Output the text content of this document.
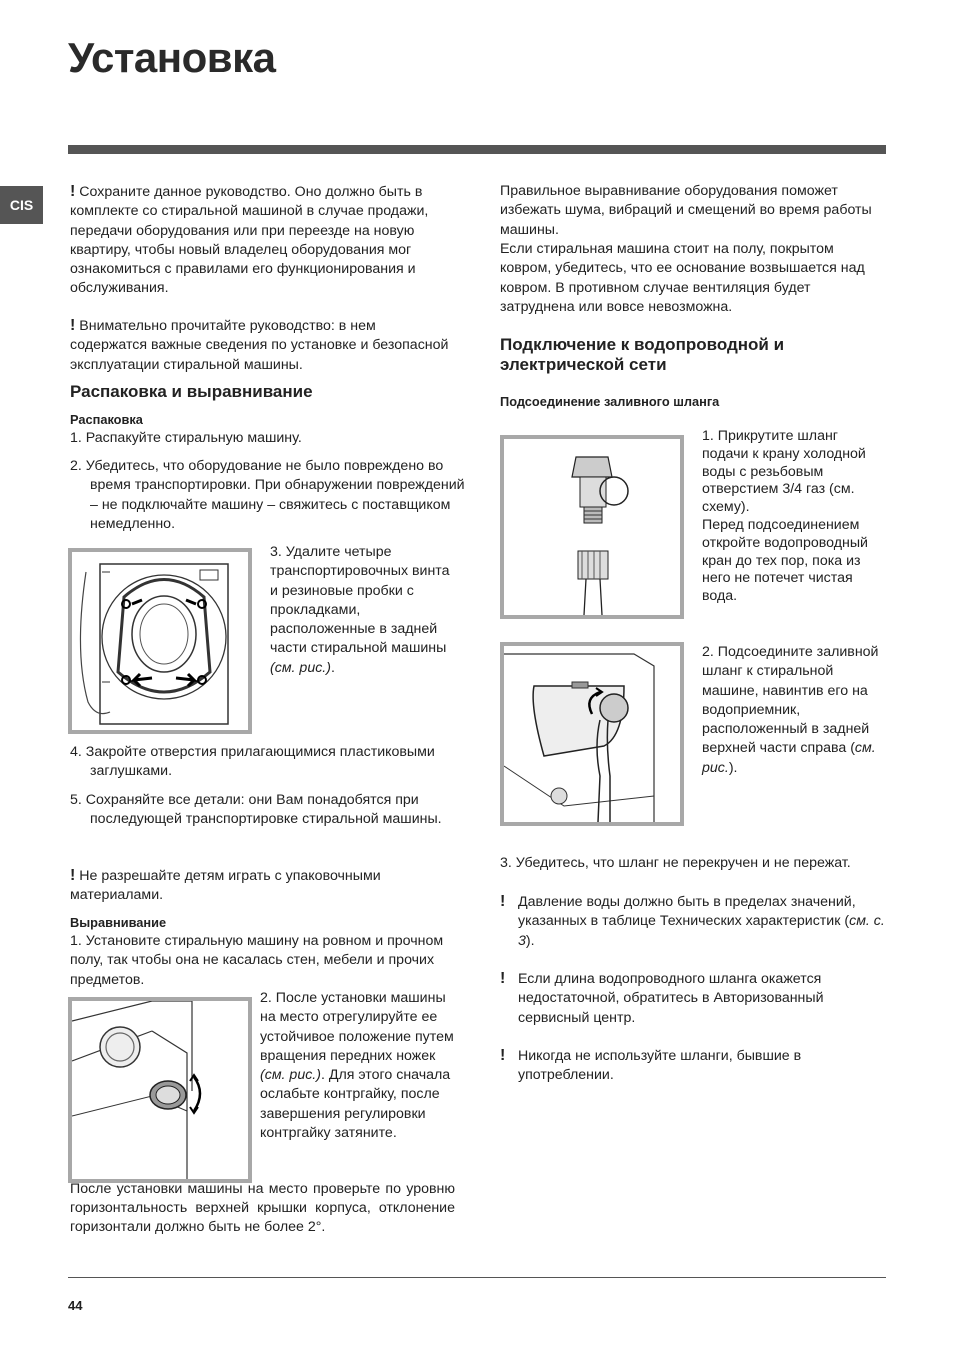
Установка
CIS

! Сохраните данное руководство. Оно должно быть в комплекте со стиральной машиной в случае продажи, передачи оборудования или при переезде на новую квартиру, чтобы новый владелец оборудования мог ознакомиться с правилами его функционирования и обслуживания.

! Внимательно прочитайте руководство: в нем содержатся важные сведения по установке и безопасной эксплуатации стиральной машины.

Распаковка и выравнивание
Распаковка

1. Распакуйте стиральную машину.

2. Убедитесь, что оборудование не было повреждено во время транспортировки. При обнаружении повреждений – не подключайте машину – свяжитесь с поставщиком немедленно.

3. Удалите четыре транспортировочных винта и резиновые пробки с прокладками, расположенные в задней части стиральной машины (см. рис.).

4. Закройте отверстия прилагающимися пластиковыми заглушками.

5. Сохраняйте все детали: они Вам понадобятся при последующей транспортировке стиральной машины.

! Не разрешайте детям играть с упаковочными материалами.

Выравнивание

1. Установите стиральную машину на ровном и прочном полу, так чтобы она не касалась стен, мебели и прочих предметов.

2. После установки машины на место отрегулируйте ее устойчивое положение путем вращения передних ножек (см. рис.). Для этого сначала ослабьте контргайку, после завершения регулировки контргайку затяните.

После установки машины на место проверьте по уровню горизонтальность верхней крышки корпуса, отклонение горизонтали должно быть не более 2°.

Правильное выравнивание оборудования поможет избежать шума, вибраций и смещений во время работы машины.

Если стиральная машина стоит на полу, покрытом ковром, убедитесь, что ее основание возвышается над ковром. В противном случае вентиляция будет затруднена или вовсе невозможна.

Подключение к водопроводной и электрической сети
Подсоединение заливного шланга

1. Прикрутите шланг подачи к крану холодной воды с резьбовым отверстием 3/4 газ (см. схему).

Перед подсоединением откройте водопроводный кран до тех пор, пока из него не потечет чистая вода.

2. Подсоедините заливной шланг к стиральной машине, навинтив его на водоприемник, расположенный в задней верхней части справа (см. рис.).

3. Убедитесь, что шланг не перекручен и не пережат.

! Давление воды должно быть в пределах значений, указанных в таблице Технических характеристик (см. с. 3).

! Если длина водопроводного шланга окажется недостаточной, обратитесь в Авторизованный сервисный центр.

! Никогда не используйте шланги, бывшие в употреблении.

44
